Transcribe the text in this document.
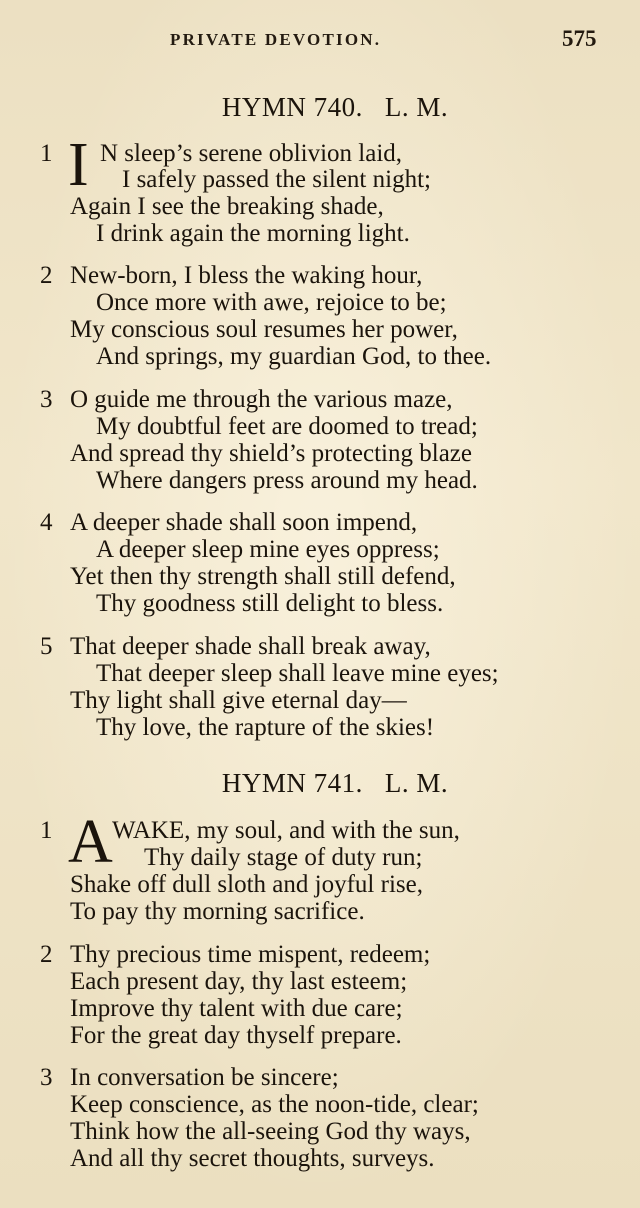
PRIVATE DEVOTION.	575
HYMN 740. L. M.
1 I N sleep’s serene oblivion laid,
I safely passed the silent night;
Again I see the breaking shade,
I drink again the morning light.
2 New-born, I bless the waking hour,
Once more with awe, rejoice to be;
My conscious soul resumes her power,
And springs, my guardian God, to thee.
3 O guide me through the various maze,
My doubtful feet are doomed to tread;
And spread thy shield’s protecting blaze
Where dangers press around my head.
4 A deeper shade shall soon impend,
A deeper sleep mine eyes oppress;
Yet then thy strength shall still defend,
Thy goodness still delight to bless.
5 That deeper shade shall break away,
That deeper sleep shall leave mine eyes;
Thy light shall give eternal day—
Thy love, the rapture of the skies!
HYMN 741. L. M.
1 A WAKE, my soul, and with the sun,
Thy daily stage of duty run;
Shake off dull sloth and joyful rise,
To pay thy morning sacrifice.
2 Thy precious time mispent, redeem;
Each present day, thy last esteem;
Improve thy talent with due care;
For the great day thyself prepare.
3 In conversation be sincere;
Keep conscience, as the noon-tide, clear;
Think how the all-seeing God thy ways,
And all thy secret thoughts, surveys.
